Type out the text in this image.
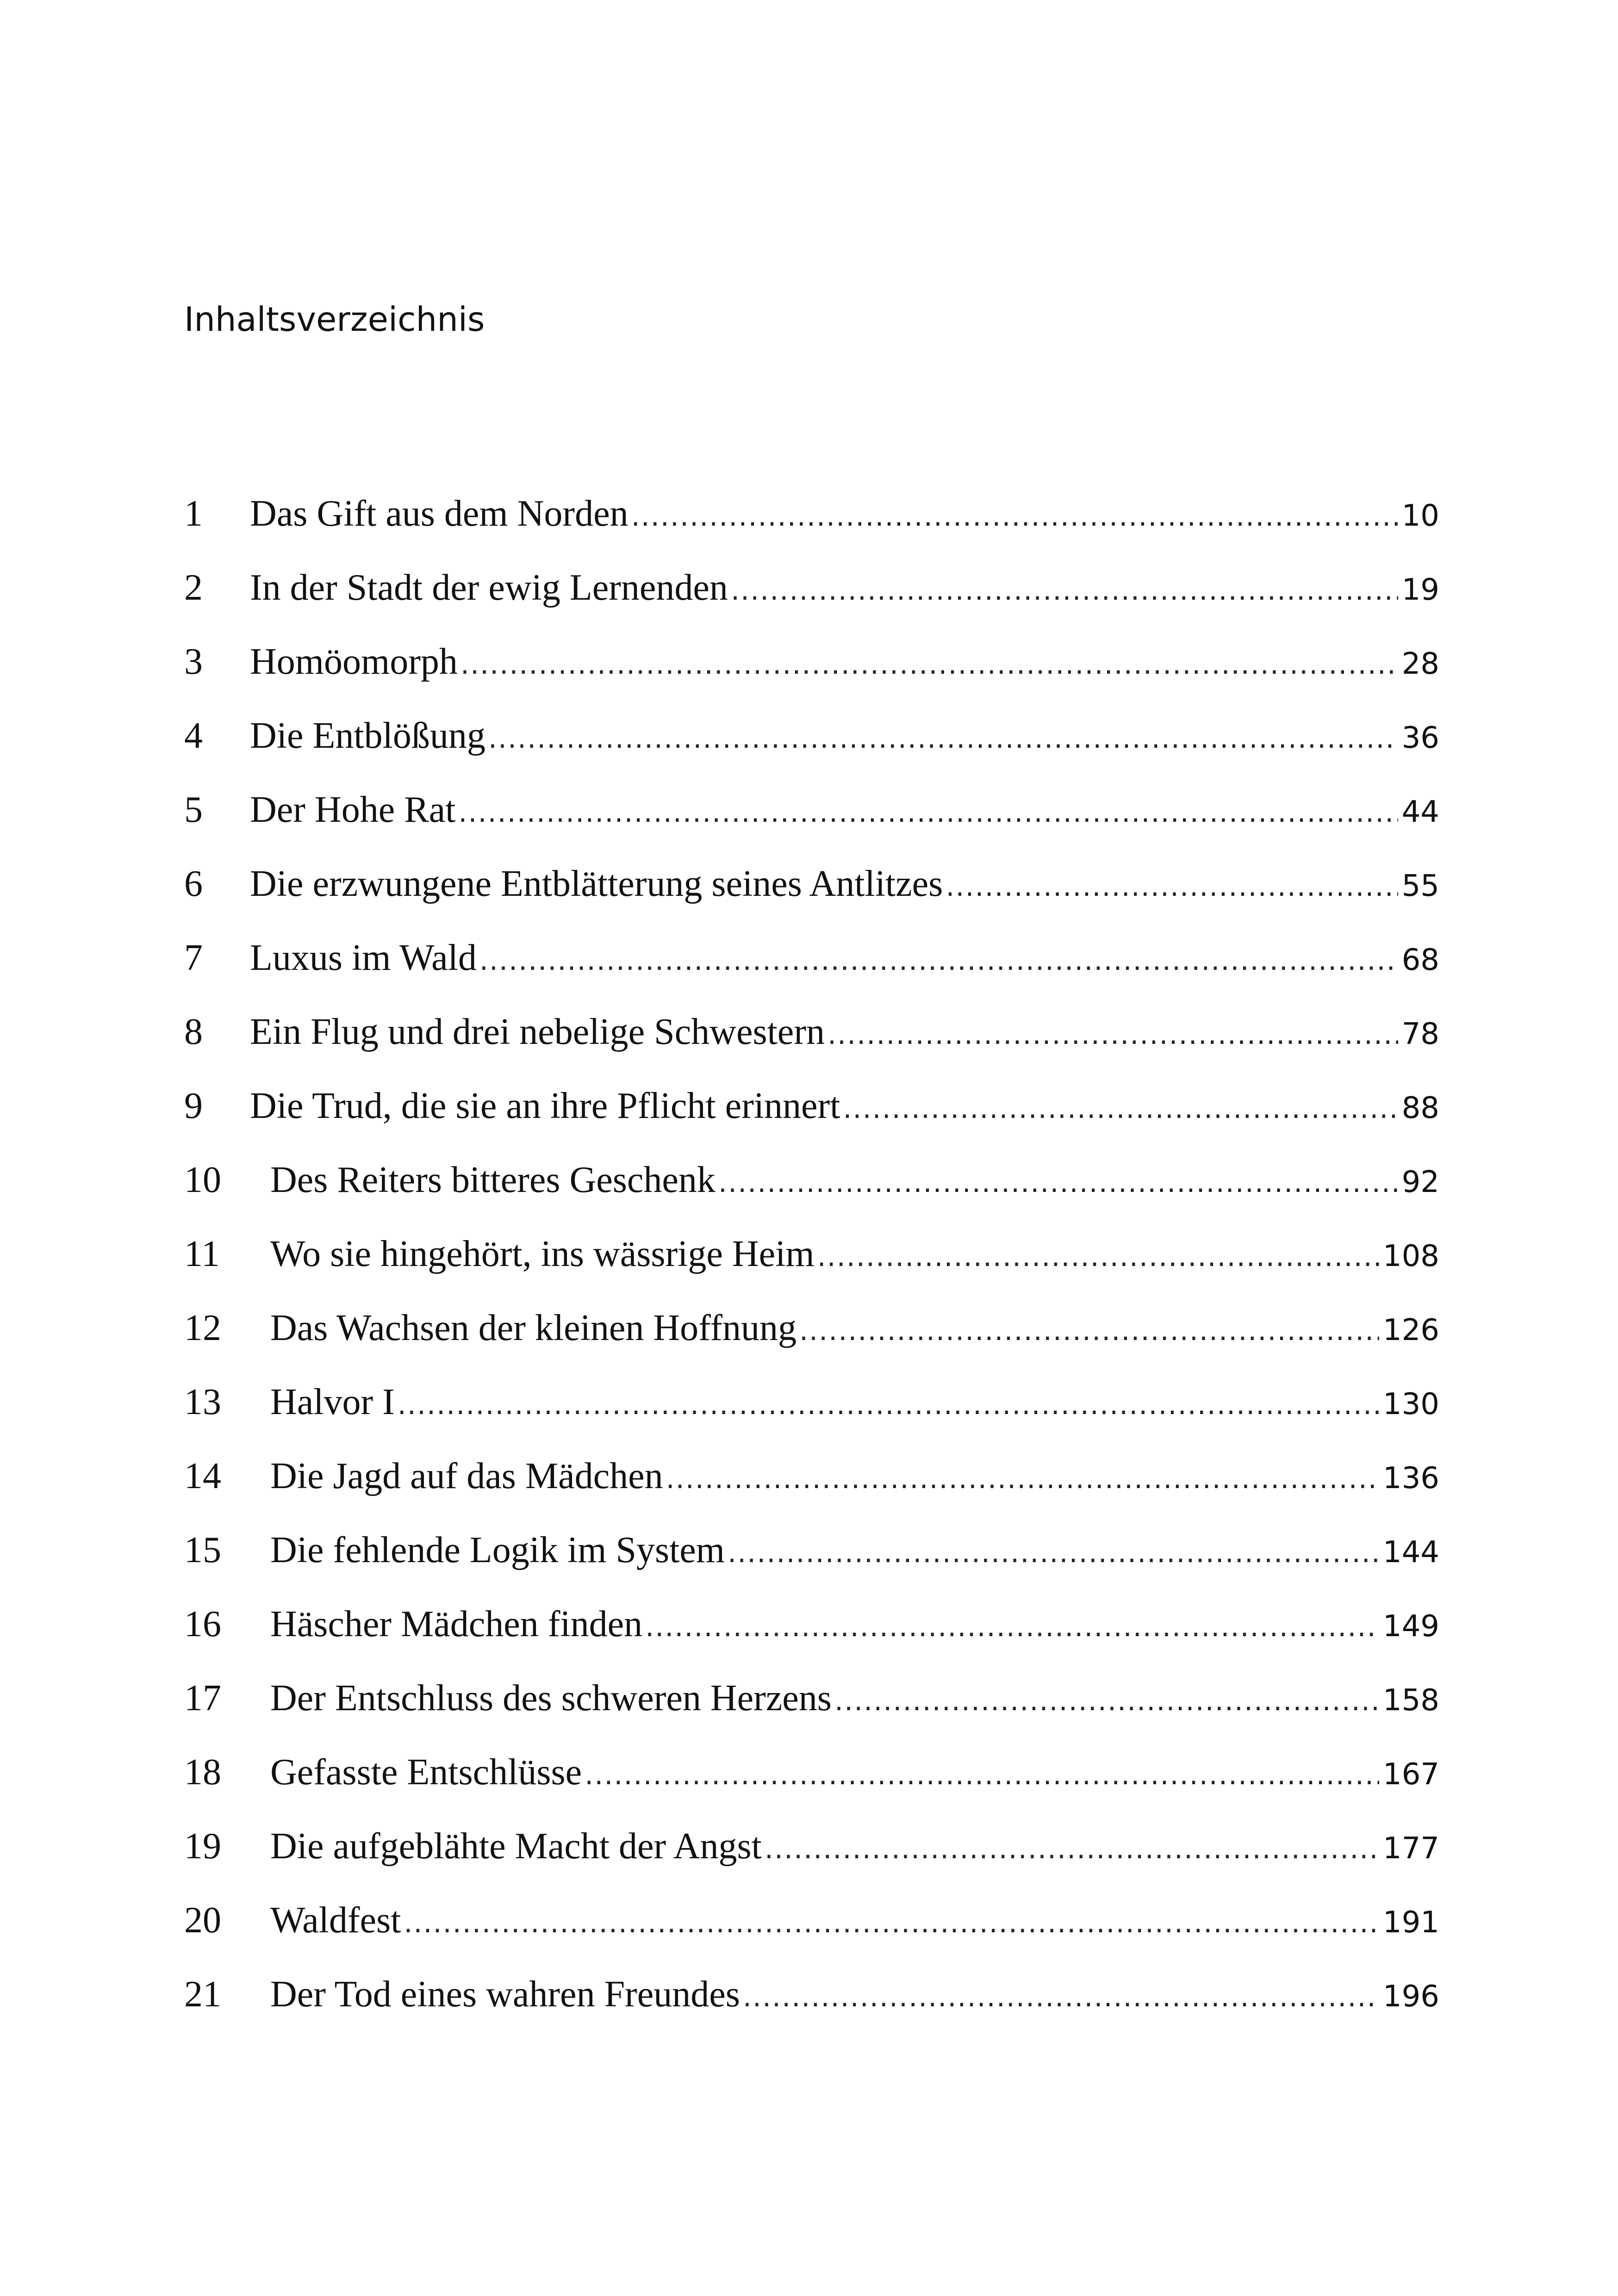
Inhaltsverzeichnis
1	Das Gift aus dem Norden .....	10
2	In der Stadt der ewig Lernenden .....	19
3	Homöomorph .....	28
4	Die Entblößung .....	36
5	Der Hohe Rat .....	44
6	Die erzwungene Entblätterung seines Antlitzes .....	55
7	Luxus im Wald .....	68
8	Ein Flug und drei nebelige Schwestern .....	78
9	Die Trud, die sie an ihre Pflicht erinnert .....	88
10	Des Reiters bitteres Geschenk .....	92
11	Wo sie hingehört, ins wässrige Heim .....	108
12	Das Wachsen der kleinen Hoffnung .....	126
13	Halvor I .....	130
14	Die Jagd auf das Mädchen .....	136
15	Die fehlende Logik im System .....	144
16	Häscher Mädchen finden .....	149
17	Der Entschluss des schweren Herzens .....	158
18	Gefasste Entschlüsse .....	167
19	Die aufgeblähte Macht der Angst .....	177
20	Waldfest .....	191
21	Der Tod eines wahren Freundes .....	196
